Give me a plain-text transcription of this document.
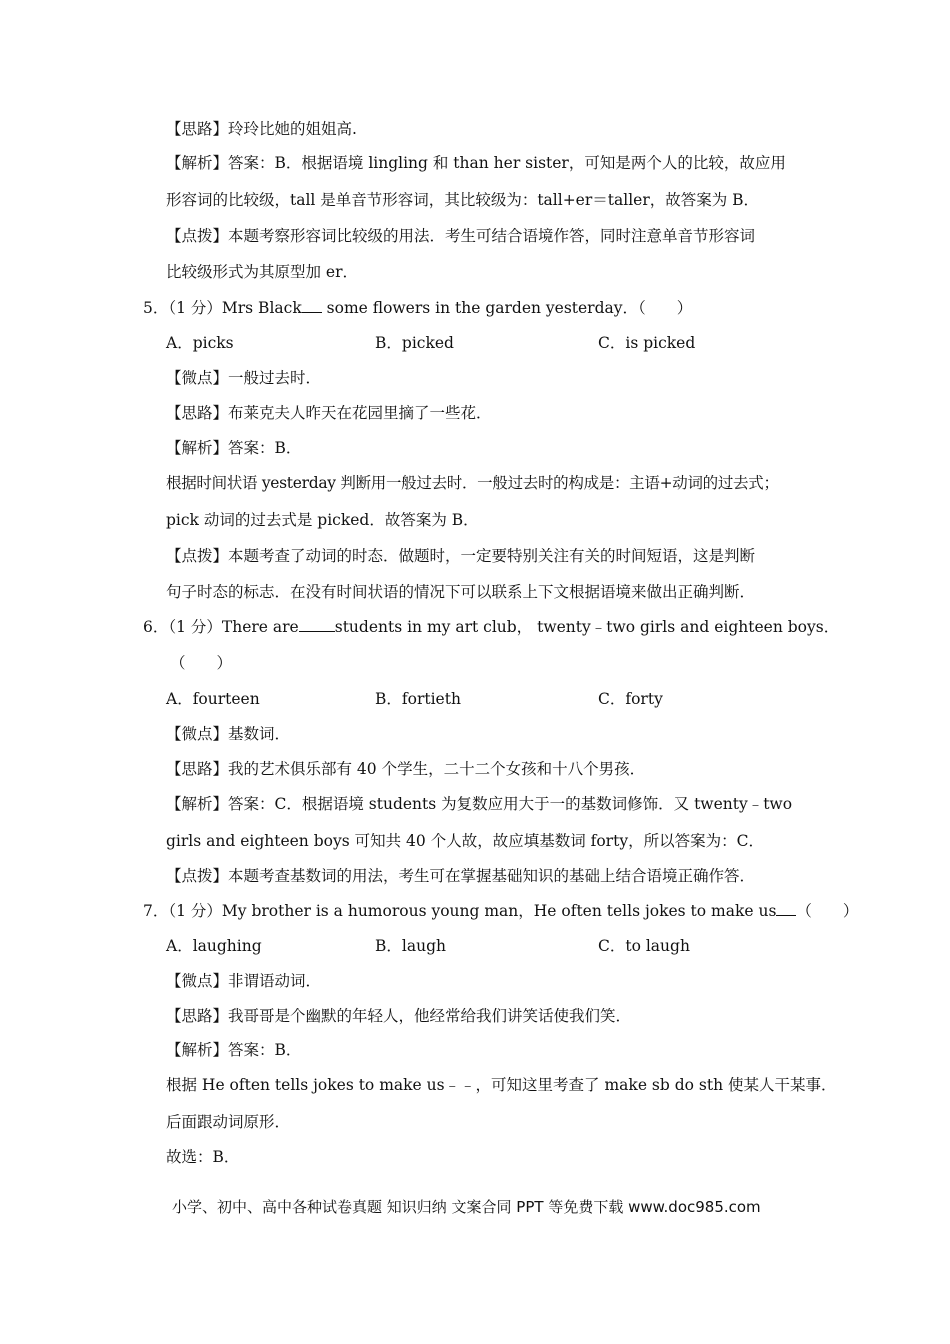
【思路】玲玲比她的姐姐高.
【解析】答案：B．根据语境 lingling 和 than her sister，可知是两个人的比较，故应用
形容词的比较级，tall 是单音节形容词，其比较级为：tall+er＝taller，故答案为 B．
【点拨】本题考察形容词比较级的用法．考生可结合语境作答，同时注意单音节形容词
比较级形式为其原型加 er．
5．（1 分）Mrs Black some flowers in the garden yesterday．（　　）
A．picks	B．picked	C．is picked
【微点】一般过去时．
【思路】布莱克夫人昨天在花园里摘了一些花．
【解析】答案：B．
根据时间状语 yesterday 判断用一般过去时．一般过去时的构成是：主语+动词的过去式；
pick 动词的过去式是 picked．故答案为 B．
【点拨】本题考查了动词的时态．做题时，一定要特别关注有关的时间短语，这是判断
句子时态的标志．在没有时间状语的情况下可以联系上下文根据语境来做出正确判断．
6．（1 分）There are students in my art club， twenty﹣two girls and eighteen boys．
（　　）
A．fourteen	B．fortieth	C．forty
【微点】基数词．
【思路】我的艺术俱乐部有 40 个学生，二十二个女孩和十八个男孩．
【解析】答案：C．根据语境 students 为复数应用大于一的基数词修饰．又 twenty﹣two
girls and eighteen boys 可知共 40 个人故，故应填基数词 forty，所以答案为：C．
【点拨】本题考查基数词的用法，考生可在掌握基础知识的基础上结合语境正确作答．
7．（1 分）My brother is a humorous young man，He often tells jokes to make us （　　）
A．laughing	B．laugh	C．to laugh
【微点】非谓语动词．
【思路】我哥哥是个幽默的年轻人，他经常给我们讲笑话使我们笑．
【解析】答案：B．
根据 He often tells jokes to make us﹣﹣，可知这里考查了 make sb do sth 使某人干某事．
后面跟动词原形．
故选：B．
小学、初中、高中各种试卷真题 知识归纳 文案合同 PPT 等免费下载 www.doc985.com
